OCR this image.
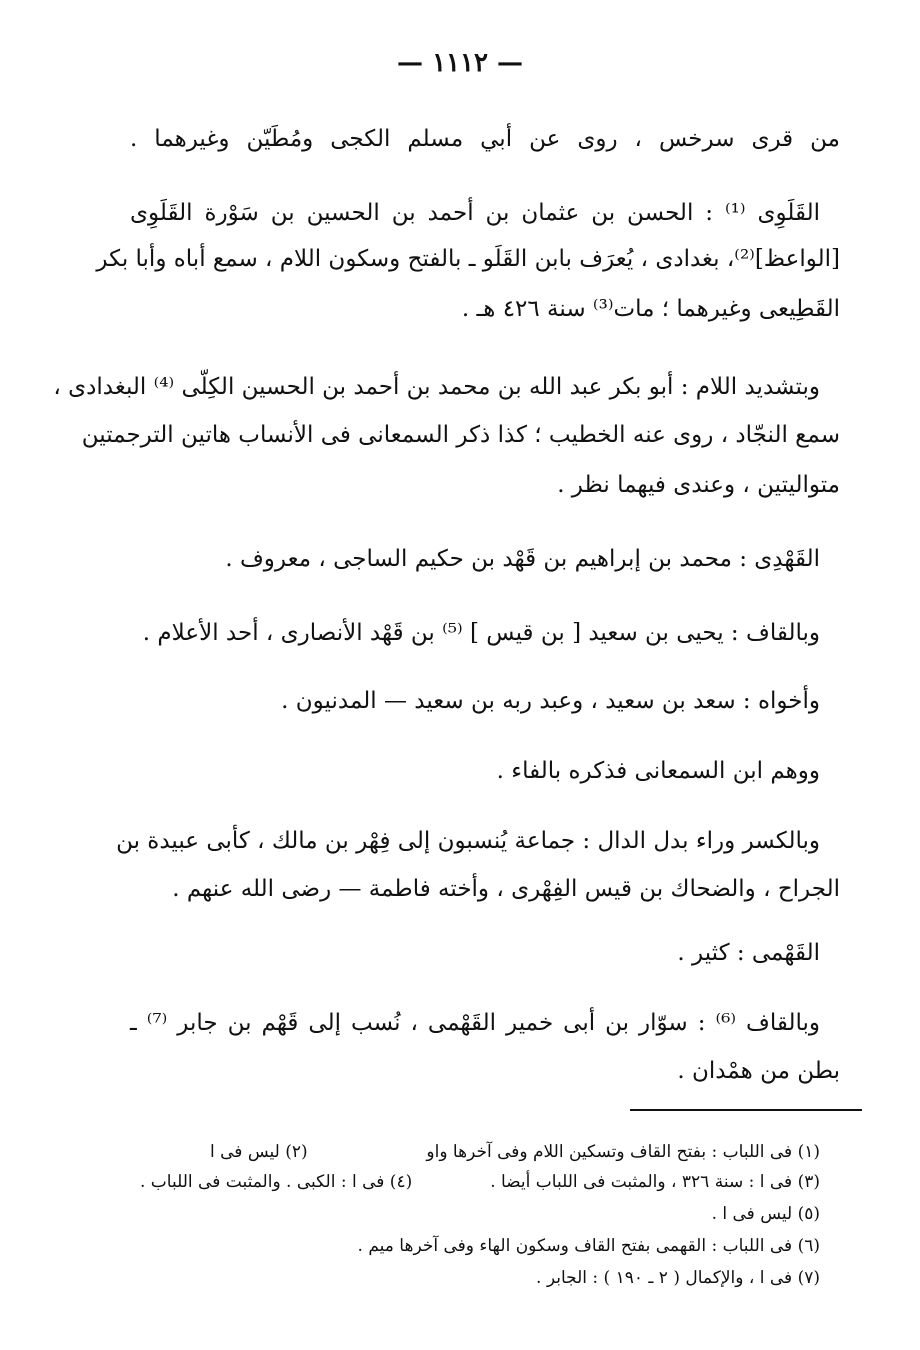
— ١١١٢ —
من قرى سرخس ، روى عن أبي مسلم الكجى ومُطَيّن وغيرهما .
القَلَوِى ⁽¹⁾ : الحسن بن عثمان بن أحمد بن الحسين بن سَوْرة القَلَوِى
[الواعظ]⁽²⁾، بغدادى ، يُعرَف بابن القَلَو ـ بالفتح وسكون اللام ، سمع أباه وأبا بكر
القَطِيعى وغيرهما ؛ مات⁽³⁾ سنة ٤٢٦ هـ .
وبتشديد اللام : أبو بكر عبد الله بن محمد بن أحمد بن الحسين الكِلّى ⁽⁴⁾ البغدادى ،
سمع النجّاد ، روى عنه الخطيب ؛ كذا ذكر السمعانى فى الأنساب هاتين الترجمتين
متواليتين ، وعندى فيهما نظر .
القَهْدِى : محمد بن إبراهيم بن قَهْد بن حكيم الساجى ، معروف .
وبالقاف : يحيى بن سعيد [ بن قيس ] ⁽⁵⁾ بن قَهْد الأنصارى ، أحد الأعلام .
وأخواه : سعد بن سعيد ، وعبد ربه بن سعيد — المدنيون .
ووهم ابن السمعانى فذكره بالفاء .
وبالكسر وراء بدل الدال : جماعة يُنسبون إلى فِهْر بن مالك ، كأبى عبيدة بن
الجراح ، والضحاك بن قيس الفِهْرى ، وأخته فاطمة — رضى الله عنهم .
القَهْمى : كثير .
وبالقاف ⁽⁶⁾ : سوّار بن أبى خمير القَهْمى ، نُسب إلى قَهْم بن جابر ⁽⁷⁾ ـ
بطن من همْدان .
(١) فى اللباب : بفتح القاف وتسكين اللام وفى آخرها واو
(٢) ليس فى ا
(٣) فى ا : سنة ٣٢٦ ، والمثبت فى اللباب أيضا .
(٤) فى ا : الكبى . والمثبت فى اللباب .
(٥) ليس فى ا .
(٦) فى اللباب : القهمى بفتح القاف وسكون الهاء وفى آخرها ميم .
(٧) فى ا ، والإكمال ( ٢ ـ ١٩٠ ) : الجابر .
